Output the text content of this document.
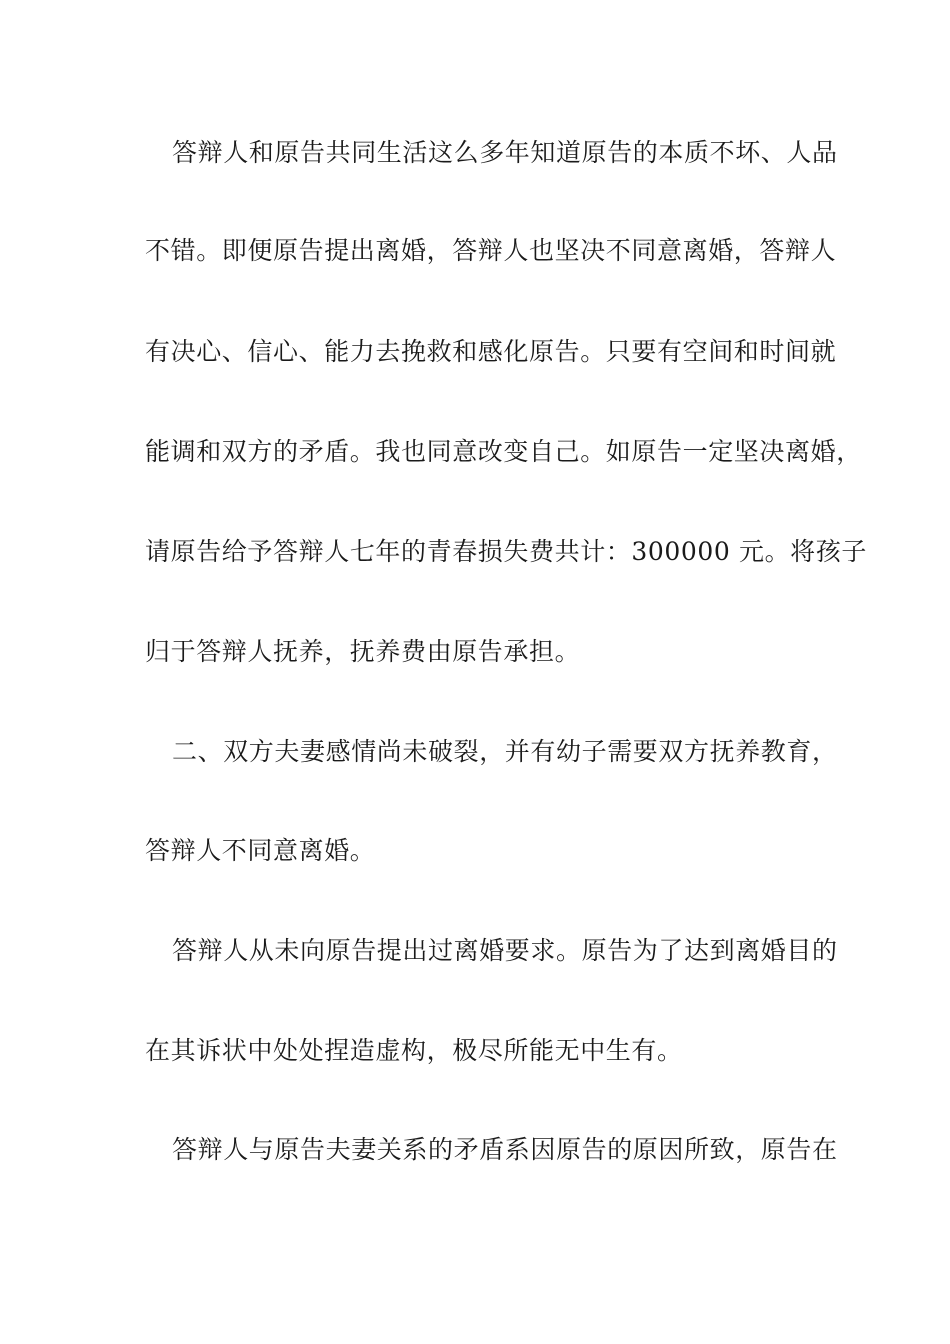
答辩人和原告共同生活这么多年知道原告的本质不坏、人品
不错。即便原告提出离婚，答辩人也坚决不同意离婚，答辩人
有决心、信心、能力去挽救和感化原告。只要有空间和时间就
能调和双方的矛盾。我也同意改变自己。如原告一定坚决离婚，
请原告给予答辩人七年的青春损失费共计：300000 元。将孩子
归于答辩人抚养，抚养费由原告承担。
二、双方夫妻感情尚未破裂，并有幼子需要双方抚养教育，
答辩人不同意离婚。
答辩人从未向原告提出过离婚要求。原告为了达到离婚目的
在其诉状中处处捏造虚构，极尽所能无中生有。
答辩人与原告夫妻关系的矛盾系因原告的原因所致，原告在
